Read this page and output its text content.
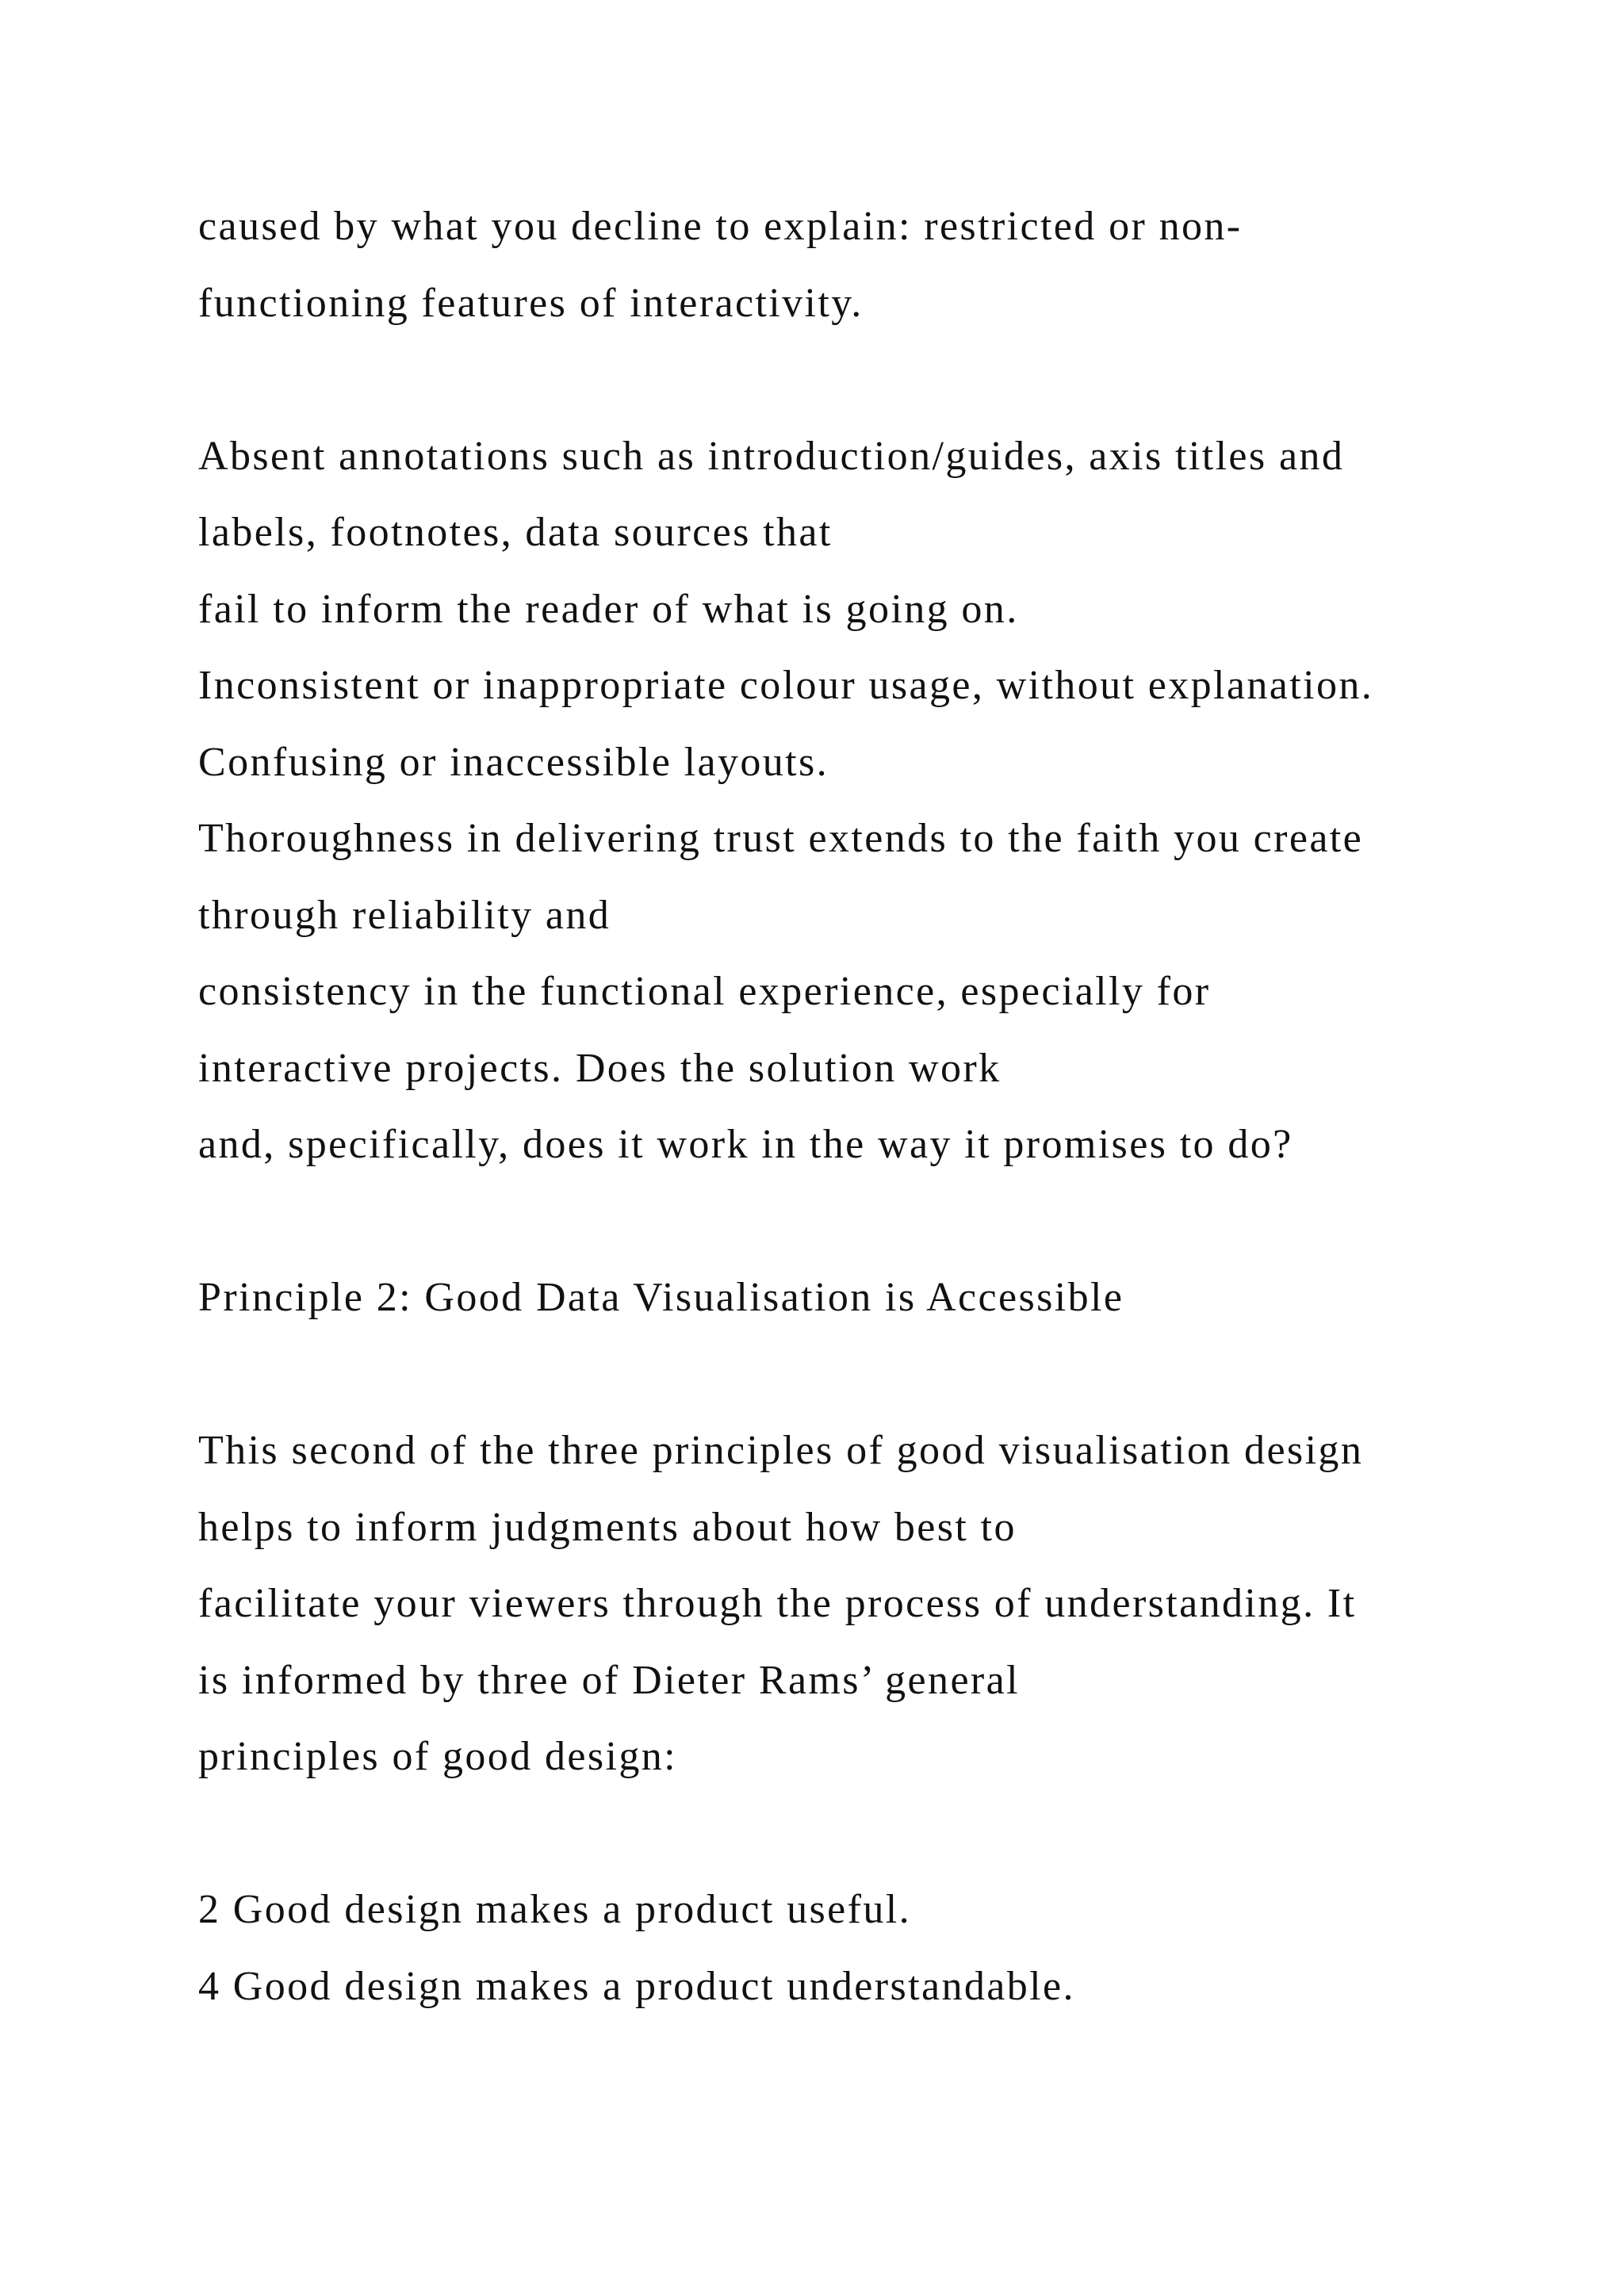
caused by what you decline to explain: restricted or non-
functioning features of interactivity.
Absent annotations such as introduction/guides, axis titles and
labels, footnotes, data sources that
fail to inform the reader of what is going on.
Inconsistent or inappropriate colour usage, without explanation.
Confusing or inaccessible layouts.
Thoroughness in delivering trust extends to the faith you create
through reliability and
consistency in the functional experience, especially for
interactive projects. Does the solution work
and, specifically, does it work in the way it promises to do?
Principle 2: Good Data Visualisation is Accessible
This second of the three principles of good visualisation design
helps to inform judgments about how best to
facilitate your viewers through the process of understanding. It
is informed by three of Dieter Rams’ general
principles of good design:
2 Good design makes a product useful.
4 Good design makes a product understandable.
